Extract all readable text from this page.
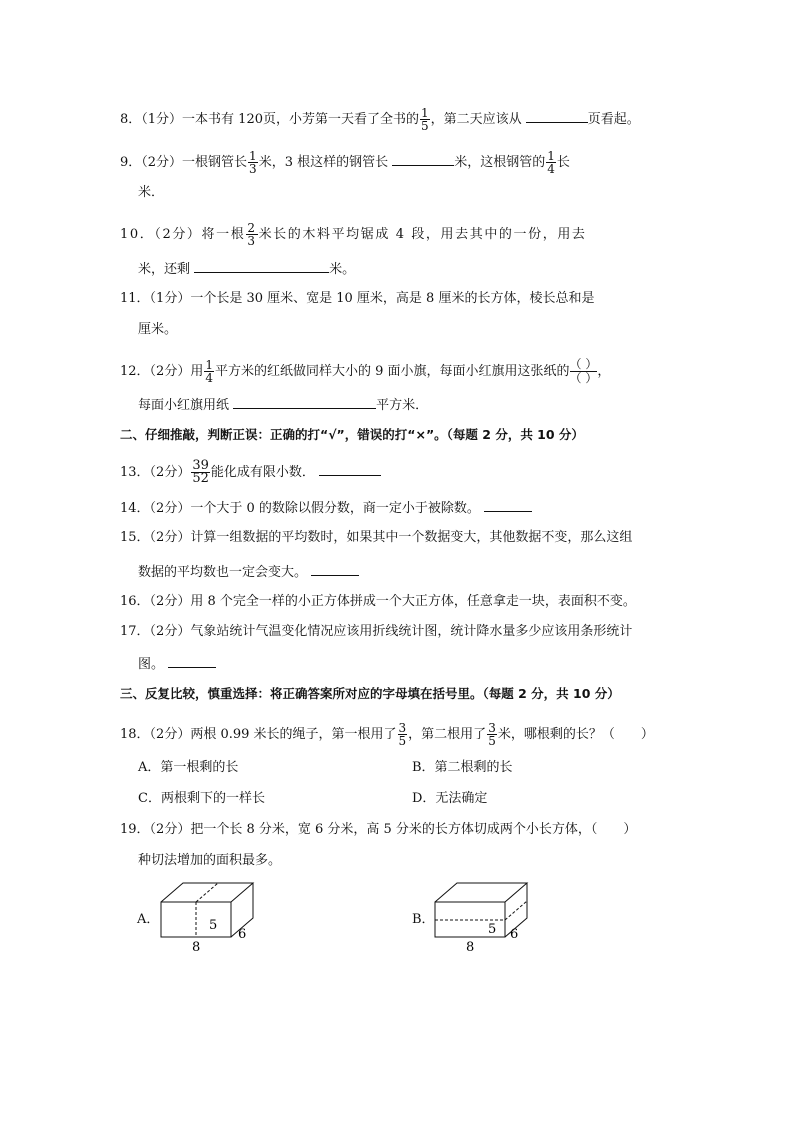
8．（1分）一本书有 120页，小芳第一天看了全书的 $\frac{1}{5}$ ，第二天应该从	页看起。
9．（2分）一根钢管长 $\frac{1}{3}$ 米，3 根这样的钢管长	米，这根钢管的 $\frac{1}{4}$ 长
米．
10．（2分）将一根 $\frac{2}{3}$ 米长的木料平均锯成 4 段，用去其中的一份，用去
米，还剩	米。
11．（1分）一个长是 30 厘米、宽是 10 厘米，高是 8 厘米的长方体，棱长总和是
厘米。
12．（2分）用 $\frac{1}{4}$ 平方米的红纸做同样大小的 9 面小旗，每面小红旗用这张纸的 $\frac{( )}{( )}$ ，
每面小红旗用纸	平方米．
二、仔细推敲，判断正误：正确的打“√”，错误的打“×”。（每题 2 分，共 10 分）
13．（2分） $\frac{39}{52}$ 能化成有限小数．
14．（2分）一个大于 0 的数除以假分数，商一定小于被除数。
15．（2分）计算一组数据的平均数时，如果其中一个数据变大，其他数据不变，那么这组
数据的平均数也一定会变大。
16．（2分）用 8 个完全一样的小正方体拼成一个大正方体，任意拿走一块，表面积不变。
17．（2分）气象站统计气温变化情况应该用折线统计图，统计降水量多少应该用条形统计
图。
三、反复比较，慎重选择：将正确答案所对应的字母填在括号里。（每题 2 分，共 10 分）
18．（2分）两根 0.99 米长的绳子，第一根用了 $\frac{3}{5}$ ，第二根用了 $\frac{3}{5}$ 米，哪根剩的长？（　　）
A．第一根剩的长	B．第二根剩的长
C．两根剩下的一样长	D．无法确定
19．（2分）把一个长 8 分米，宽 6 分米，高 5 分米的长方体切成两个小长方体，（　　）
种切法增加的面积最多。
A．	5
8
6
B．
5
8
6
